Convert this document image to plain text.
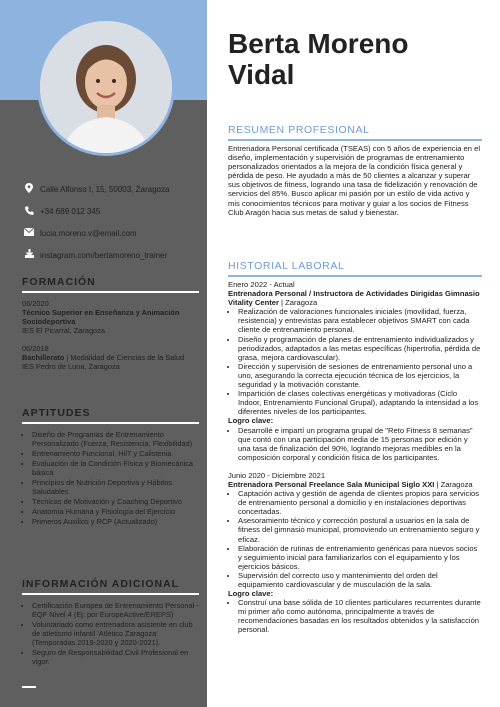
Calle Alfonso I, 15, 50003, Zaragoza
+34 689 012 345
lucia.moreno.v@email.com
instagram.com/bertamoreno_trainer
FORMACIÓN
06/2020
Técnico Superior en Enseñanza y Animación Sociodeportiva
IES El Picarral, Zaragoza
06/2018
Bachillerato | Modalidad de Ciencias de la Salud
IES Pedro de Luna, Zaragoza
APTITUDES
• Diseño de Programas de Entrenamiento Personalizado (Fuerza, Resistencia, Flexibilidad)
• Entrenamiento Funcional, HiiT y Calistenia
• Evaluación de la Condición Física y Biomecánica básica
• Principios de Nutrición Deportiva y Hábitos Saludables
• Técnicas de Motivación y Coaching Deportivo
• Anatomía Humana y Fisiología del Ejercicio
• Primeros Auxilios y RCP (Actualizado)
INFORMACIÓN ADICIONAL
• Certificación Europea de Entrenamiento Personal - EQF Nivel 4 (Ej: por EuropeActive/EREPS)
• Voluntariado como entrenadora asistente en club de atletismo infantil 'Atlético Zaragoza' (Temporadas 2019-2020 y 2020-2021).
• Seguro de Responsabilidad Civil Profesional en vigor.
Berta Moreno
Vidal
RESUMEN PROFESIONAL
Entrenadora Personal certificada (TSEAS) con 5 años de experiencia en el diseño, implementación y supervisión de programas de entrenamiento personalizados orientados a la mejora de la condición física general y pérdida de peso. He ayudado a más de 50 clientes a alcanzar y superar sus objetivos de fitness, logrando una tasa de fidelización y renovación de servicios del 85%. Busco aplicar mi pasión por un estilo de vida activo y mis conocimientos técnicos para motivar y guiar a los socios de Fitness Club Aragón hacia sus metas de salud y bienestar.
HISTORIAL LABORAL
Enero 2022 - Actual
Entrenadora Personal / Instructora de Actividades Dirigidas Gimnasio Vitality Center | Zaragoza
• Realización de valoraciones funcionales iniciales (movilidad, fuerza, resistencia) y entrevistas para establecer objetivos SMART con cada cliente de entrenamiento personal.
• Diseño y programación de planes de entrenamiento individualizados y periodizados, adaptados a las metas específicas (hipertrofia, pérdida de grasa, mejora cardiovascular).
• Dirección y supervisión de sesiones de entrenamiento personal uno a uno, asegurando la correcta ejecución técnica de los ejercicios, la seguridad y la motivación constante.
• Impartición de clases colectivas energéticas y motivadoras (Ciclo Indoor, Entrenamiento Funcional Grupal), adaptando la intensidad a los diferentes niveles de los participantes.
Logro clave:
• Desarrollé e impartí un programa grupal de "Reto Fitness 8 semanas" que contó con una participación media de 15 personas por edición y una tasa de finalización del 90%, logrando mejoras medibles en la composición corporal y condición física de los participantes.
Junio 2020 - Diciembre 2021
Entrenadora Personal Freelance Sala Municipal Siglo XXI | Zaragoza
• Captación activa y gestión de agenda de clientes propios para servicios de entrenamiento personal a domicilio y en instalaciones deportivas concertadas.
• Asesoramiento técnico y corrección postural a usuarios en la sala de fitness del gimnasio municipal, promoviendo un entrenamiento seguro y eficaz.
• Elaboración de rutinas de entrenamiento genéricas para nuevos socios y seguimiento inicial para familiarizarlos con el equipamiento y los ejercicios básicos.
• Supervisión del correcto uso y mantenimiento del orden del equipamiento cardiovascular y de musculación de la sala.
Logro clave:
• Construí una base sólida de 10 clientes particulares recurrentes durante mi primer año como autónoma, principalmente a través de recomendaciones basadas en los resultados obtenidos y la satisfacción personal.
